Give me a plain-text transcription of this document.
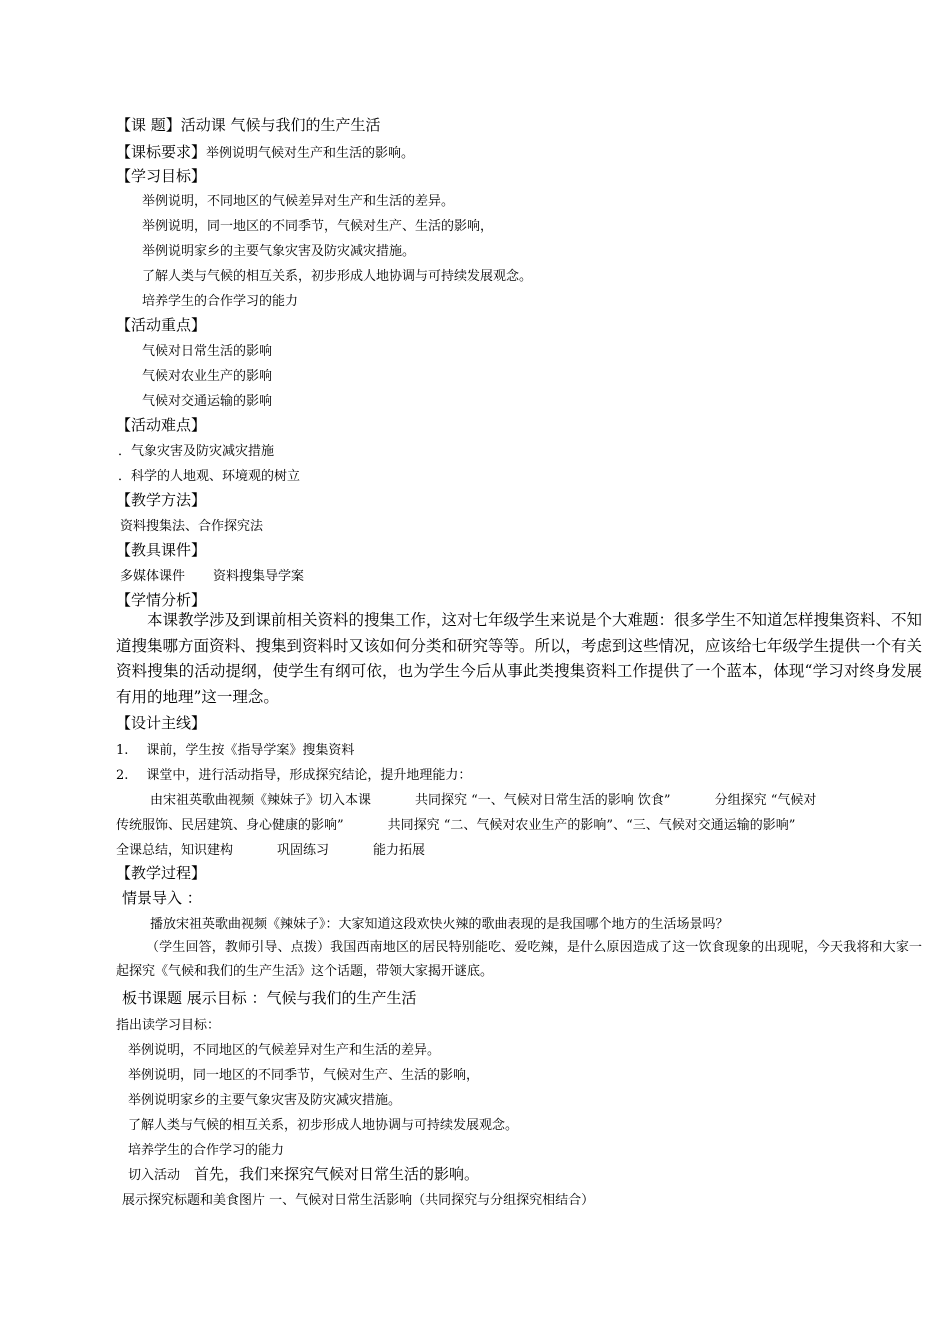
【课 题】活动课 气候与我们的生产生活
【课标要求】举例说明气候对生产和生活的影响。
【学习目标】
举例说明，不同地区的气候差异对生产和生活的差异。
举例说明，同一地区的不同季节，气候对生产、生活的影响，
举例说明家乡的主要气象灾害及防灾减灾措施。
了解人类与气候的相互关系，初步形成人地协调与可持续发展观念。
培养学生的合作学习的能力
【活动重点】
气候对日常生活的影响
气候对农业生产的影响
气候对交通运输的影响
【活动难点】
．气象灾害及防灾减灾措施
．科学的人地观、环境观的树立
【教学方法】
资料搜集法、合作探究法
【教具课件】
多媒体课件 资料搜集导学案
【学情分析】
本课教学涉及到课前相关资料的搜集工作，这对七年级学生来说是个大难题：很多学生不知道怎样搜集资料、不知道搜集哪方面资料、搜集到资料时又该如何分类和研究等等。所以，考虑到这些情况，应该给七年级学生提供一个有关资料搜集的活动提纲，使学生有纲可依，也为学生今后从事此类搜集资料工作提供了一个蓝本，体现“学习对终身发展有用的地理”这一理念。
【设计主线】
1. 课前，学生按《指导学案》搜集资料
2. 课堂中，进行活动指导，形成探究结论，提升地理能力：
由宋祖英歌曲视频《辣妹子》切入本课	共同探究 “一、气候对日常生活的影响 饮食”	分组探究 “气候对
传统服饰、民居建筑、身心健康的影响”	共同探究 “二、气候对农业生产的影响”、“三、气候对交通运输的影响”
全课总结，知识建构	巩固练习	能力拓展
【教学过程】
情景导入 ：
播放宋祖英歌曲视频《辣妹子》：大家知道这段欢快火辣的歌曲表现的是我国哪个地方的生活场景吗？
（学生回答，教师引导、点拨）我国西南地区的居民特别能吃、爱吃辣，是什么原因造成了这一饮食现象的出现呢，今天我将和大家一起探究《气候和我们的生产生活》这个话题，带领大家揭开谜底。
板书课题 展示目标 ：气候与我们的生产生活
指出读学习目标：
举例说明，不同地区的气候差异对生产和生活的差异。
举例说明，同一地区的不同季节，气候对生产、生活的影响，
举例说明家乡的主要气象灾害及防灾减灾措施。
了解人类与气候的相互关系，初步形成人地协调与可持续发展观念。
培养学生的合作学习的能力
切入活动 首先，我们来探究气候对日常生活的影响。
展示探究标题和美食图片 一、气候对日常生活影响（共同探究与分组探究相结合）
